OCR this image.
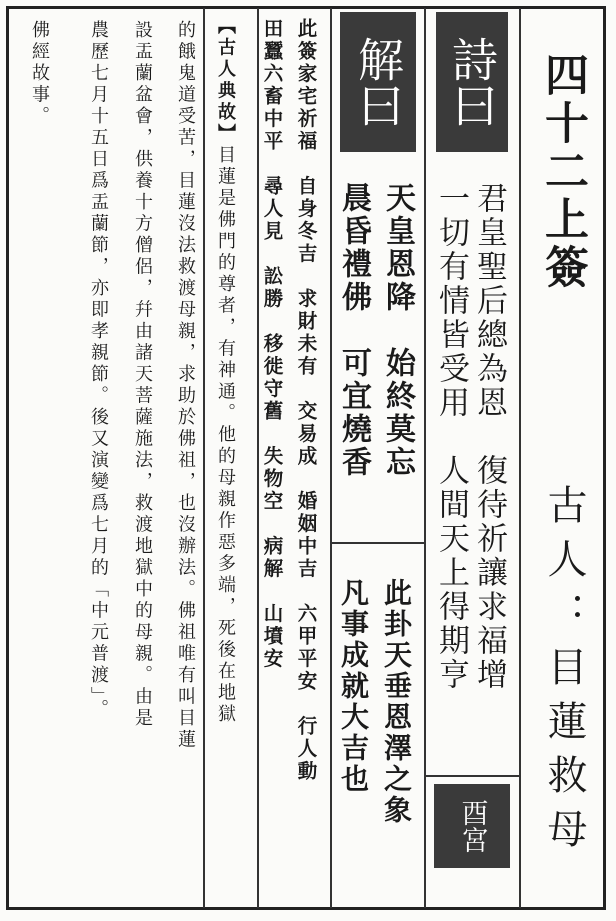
四十二上簽
古人：目蓮救母
詩曰
君皇聖后總為恩　復待祈讓求福增
一切有情皆受用　人間天上得期亨
酉宮
解曰
天皇恩降　始終莫忘
晨昏禮佛　可宜燒香
此卦天垂恩澤之象
凡事成就大吉也
此簽家宅祈福　自身冬吉　求財未有　交易成　婚姻中吉　六甲平安　行人動
田蠶六畜中平　尋人見　訟勝　移徙守舊　失物空　病解　山墳安
【古人典故】目蓮是佛門的尊者，有神通。他的母親作惡多端，死後在地獄
的餓鬼道受苦，目蓮沒法救渡母親，求助於佛祖，也沒辦法。佛祖唯有叫目蓮
設盂蘭盆會，供養十方僧侶，幷由諸天菩薩施法，救渡地獄中的母親。由是
農歷七月十五日爲盂蘭節，亦即孝親節。後又演變爲七月的「中元普渡」。
佛經故事。
